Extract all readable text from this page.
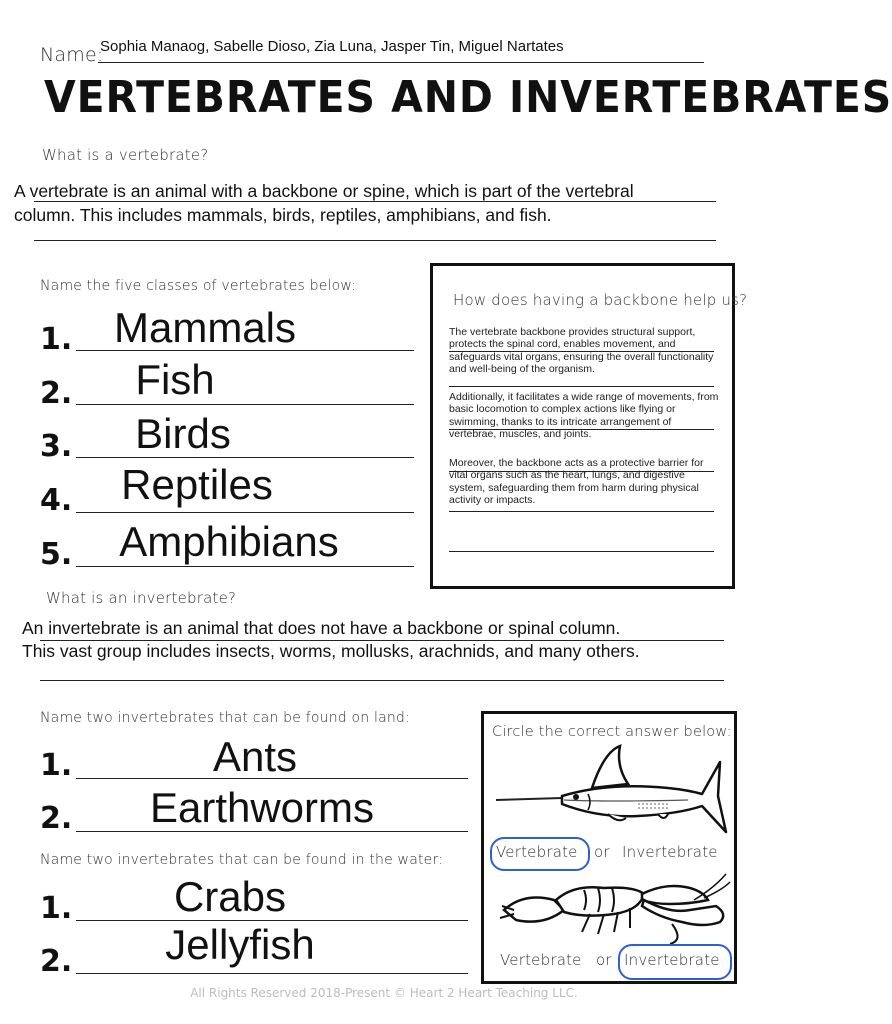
Name:
Sophia Manaog, Sabelle Dioso, Zia Luna, Jasper Tin, Miguel Nartates
VERTEBRATES AND INVERTEBRATES
What is a vertebrate?
A vertebrate is an animal with a backbone or spine, which is part of the vertebral
column. This includes mammals, birds, reptiles, amphibians, and fish.
Name the five classes of vertebrates below:
1. Mammals
2.	Fish
3.	Birds
4.	Reptiles
5.	Amphibians
How does having a backbone help us?
The vertebrate backbone provides structural support, protects the spinal cord, enables movement, and safeguards vital organs, ensuring the overall functionality and well-being of the organism.
Additionally, it facilitates a wide range of movements, from basic locomotion to complex actions like flying or swimming, thanks to its intricate arrangement of vertebrae, muscles, and joints.
Moreover, the backbone acts as a protective barrier for vital organs such as the heart, lungs, and digestive system, safeguarding them from harm during physical activity or impacts.
What is an invertebrate?
An invertebrate is an animal that does not have a backbone or spinal column.
This vast group includes insects, worms, mollusks, arachnids, and many others.
Name two invertebrates that can be found on land:
1.	Ants
2.	Earthworms
Name two invertebrates that can be found in the water:
1.	Crabs
2.	Jellyfish
Circle the correct answer below:
Vertebrate or Invertebrate
Vertebrate or Invertebrate
All Rights Reserved 2018-Present © Heart 2 Heart Teaching LLC.
